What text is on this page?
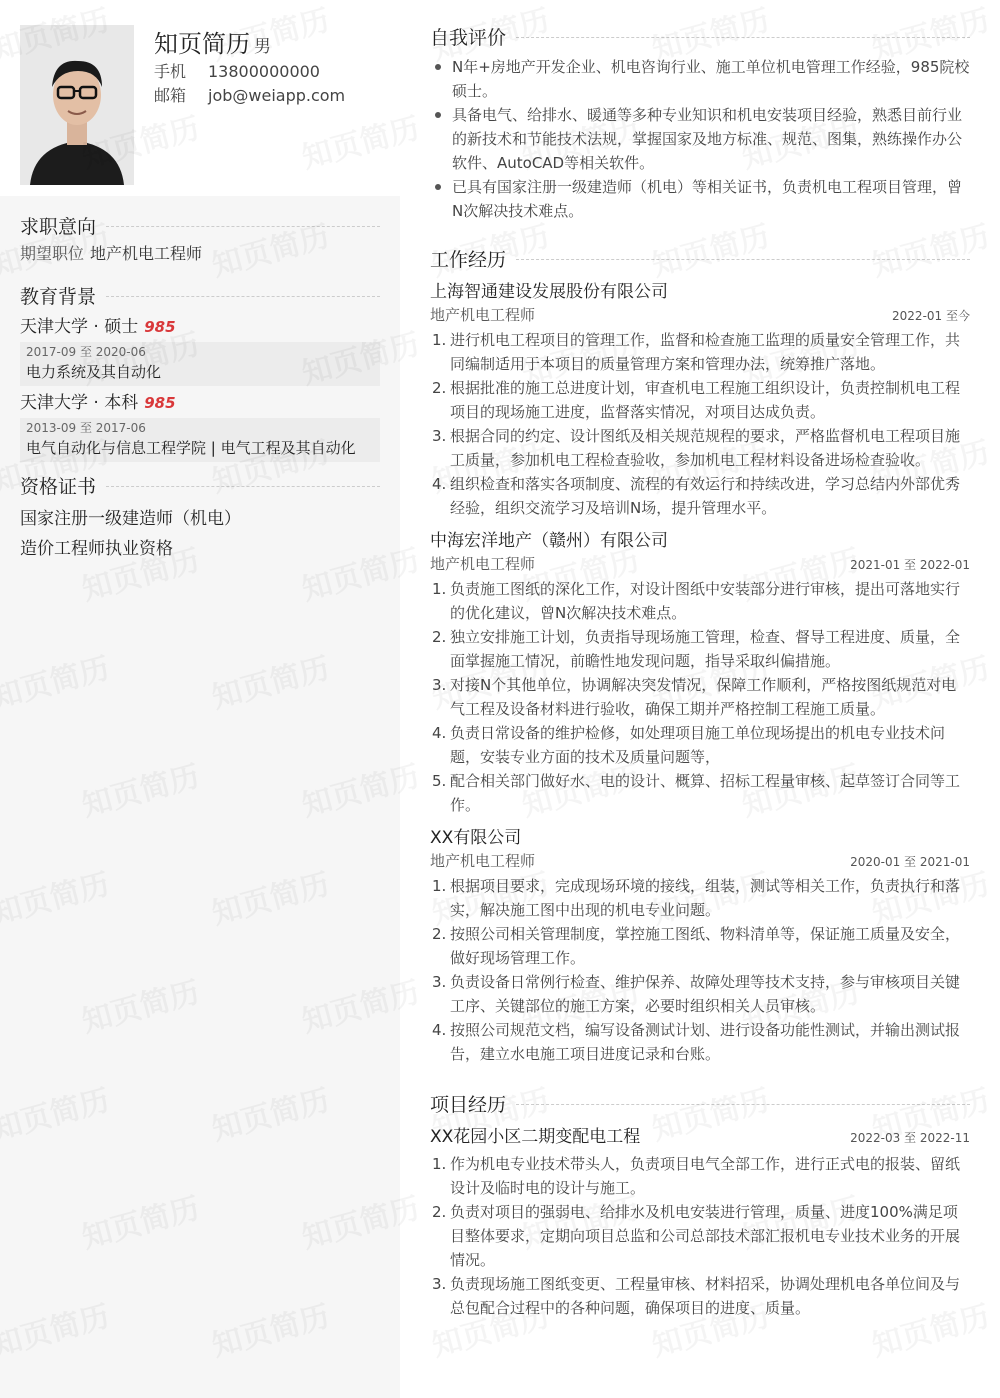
知页简历 男
手机 13800000000
邮箱 job@weiapp.com
求职意向
期望职位 地产机电工程师
教育背景
天津大学 · 硕士 985
2017-09 至 2020-06
电力系统及其自动化
天津大学 · 本科 985
2013-09 至 2017-06
电气自动化与信息工程学院 | 电气工程及其自动化
资格证书
国家注册一级建造师（机电）
造价工程师执业资格
自我评价
N年+房地产开发企业、机电咨询行业、施工单位机电管理工作经验，985院校硕士。
具备电气、给排水、暖通等多种专业知识和机电安装项目经验，熟悉目前行业的新技术和节能技术法规，掌握国家及地方标准、规范、图集，熟练操作办公软件、AutoCAD等相关软件。
已具有国家注册一级建造师（机电）等相关证书，负责机电工程项目管理，曾N次解决技术难点。
工作经历
上海智通建设发展股份有限公司
地产机电工程师	2022-01 至今
1. 进行机电工程项目的管理工作，监督和检查施工监理的质量安全管理工作，共同编制适用于本项目的质量管理方案和管理办法，统筹推广落地。
2. 根据批准的施工总进度计划，审查机电工程施工组织设计，负责控制机电工程项目的现场施工进度，监督落实情况，对项目达成负责。
3. 根据合同的约定、设计图纸及相关规范规程的要求，严格监督机电工程项目施工质量，参加机电工程检查验收，参加机电工程材料设备进场检查验收。
4. 组织检查和落实各项制度、流程的有效运行和持续改进，学习总结内外部优秀经验，组织交流学习及培训N场，提升管理水平。
中海宏洋地产（赣州）有限公司
地产机电工程师	2021-01 至 2022-01
1. 负责施工图纸的深化工作，对设计图纸中安装部分进行审核，提出可落地实行的优化建议，曾N次解决技术难点。
2. 独立安排施工计划，负责指导现场施工管理，检查、督导工程进度、质量，全面掌握施工情况，前瞻性地发现问题，指导采取纠偏措施。
3. 对接N个其他单位，协调解决突发情况，保障工作顺利，严格按图纸规范对电气工程及设备材料进行验收，确保工期并严格控制工程施工质量。
4. 负责日常设备的维护检修，如处理项目施工单位现场提出的机电专业技术问题，安装专业方面的技术及质量问题等，
5. 配合相关部门做好水、电的设计、概算、招标工程量审核、起草签订合同等工作。
XX有限公司
地产机电工程师	2020-01 至 2021-01
1. 根据项目要求，完成现场环境的接线，组装，测试等相关工作，负责执行和落实，解决施工图中出现的机电专业问题。
2. 按照公司相关管理制度，掌控施工图纸、物料清单等，保证施工质量及安全，做好现场管理工作。
3. 负责设备日常例行检查、维护保养、故障处理等技术支持，参与审核项目关键工序、关键部位的施工方案，必要时组织相关人员审核。
4. 按照公司规范文档，编写设备测试计划、进行设备功能性测试，并输出测试报告，建立水电施工项目进度记录和台账。
项目经历
XX花园小区二期变配电工程	2022-03 至 2022-11
1. 作为机电专业技术带头人，负责项目电气全部工作，进行正式电的报装、留纸设计及临时电的设计与施工。
2. 负责对项目的强弱电、给排水及机电安装进行管理，质量、进度100%满足项目整体要求，定期向项目总监和公司总部技术部汇报机电专业技术业务的开展情况。
3. 负责现场施工图纸变更、工程量审核、材料招采，协调处理机电各单位间及与总包配合过程中的各种问题，确保项目的进度、质量。
